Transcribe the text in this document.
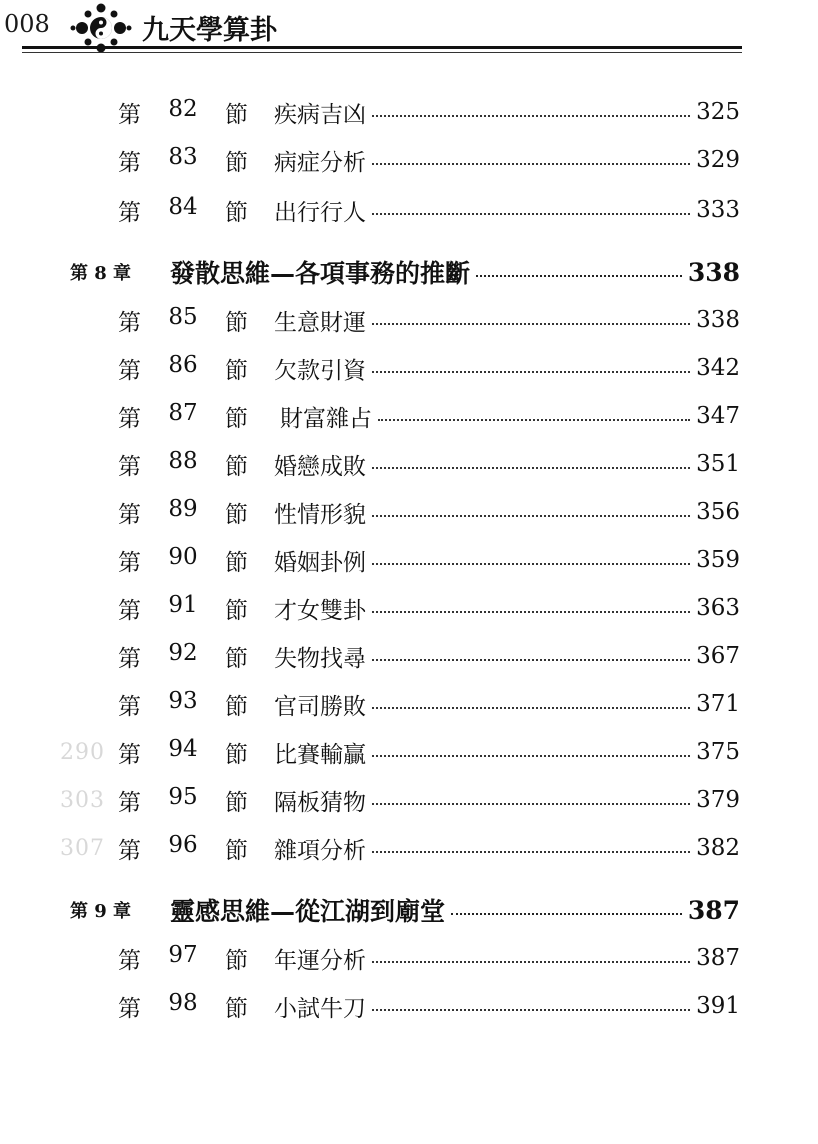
008	九天學算卦
290
303
307
第 82 節 疾病吉凶	325
第 83 節 病症分析	329
第 84 節 出行行人	333
第 8 章	發散思維—各項事務的推斷	338
第 85 節 生意財運	338
第 86 節 欠款引資	342
第 87 節 財富雜占	347
第 88 節 婚戀成敗	351
第 89 節 性情形貌	356
第 90 節 婚姻卦例	359
第 91 節 才女雙卦	363
第 92 節 失物找尋	367
第 93 節 官司勝敗	371
第 94 節 比賽輸贏	375
第 95 節 隔板猜物	379
第 96 節 雜項分析	382
第 9 章	靈感思維—從江湖到廟堂	387
第 97 節 年運分析	387
第 98 節 小試牛刀	391
